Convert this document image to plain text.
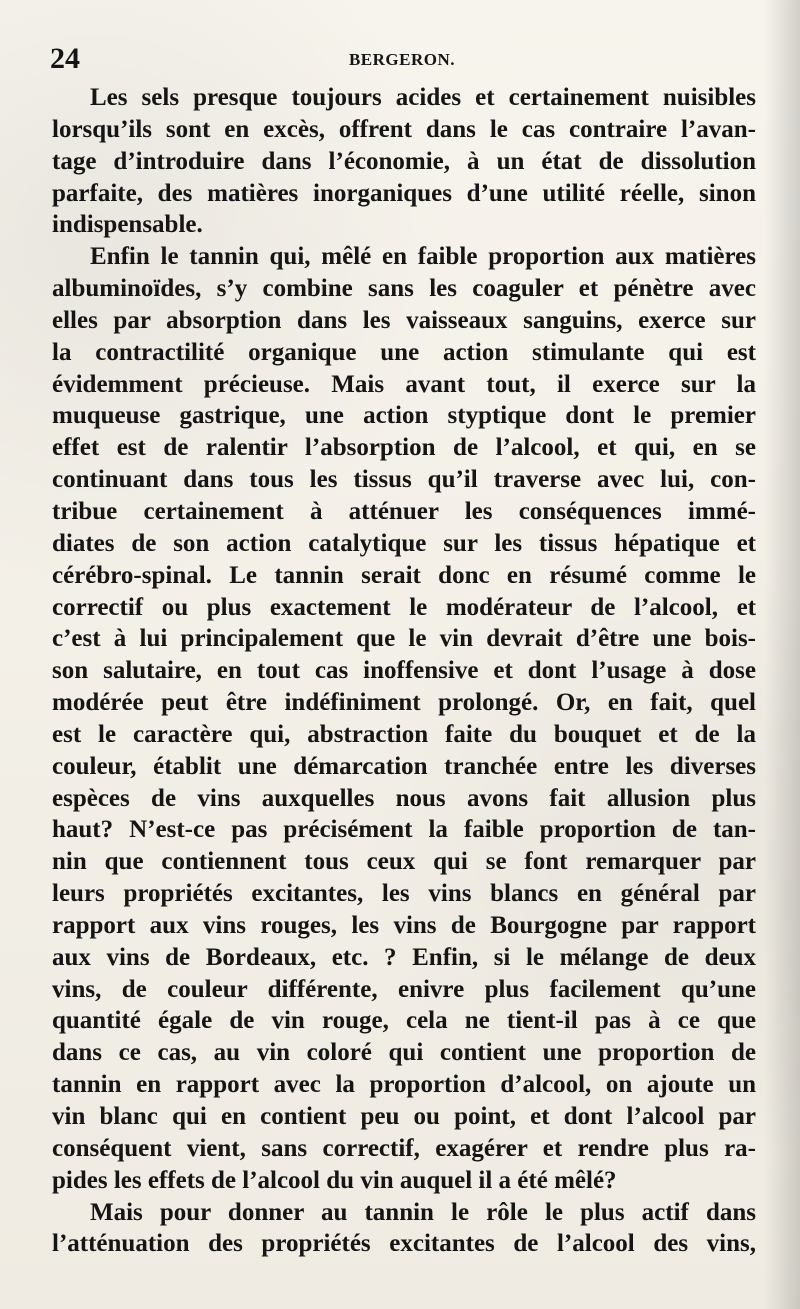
24	BERGERON.
Les sels presque toujours acides et certainement nuisibles
lorsqu’ils sont en excès, offrent dans le cas contraire l’avan-
tage d’introduire dans l’économie, à un état de dissolution
parfaite, des matières inorganiques d’une utilité réelle, sinon
indispensable.
Enfin le tannin qui, mêlé en faible proportion aux matières
albuminoïdes, s’y combine sans les coaguler et pénètre avec
elles par absorption dans les vaisseaux sanguins, exerce sur
la contractilité organique une action stimulante qui est
évidemment précieuse. Mais avant tout, il exerce sur la
muqueuse gastrique, une action styptique dont le premier
effet est de ralentir l’absorption de l’alcool, et qui, en se
continuant dans tous les tissus qu’il traverse avec lui, con-
tribue certainement à atténuer les conséquences immé-
diates de son action catalytique sur les tissus hépatique et
cérébro-spinal. Le tannin serait donc en résumé comme le
correctif ou plus exactement le modérateur de l’alcool, et
c’est à lui principalement que le vin devrait d’être une bois-
son salutaire, en tout cas inoffensive et dont l’usage à dose
modérée peut être indéfiniment prolongé. Or, en fait, quel
est le caractère qui, abstraction faite du bouquet et de la
couleur, établit une démarcation tranchée entre les diverses
espèces de vins auxquelles nous avons fait allusion plus
haut? N’est-ce pas précisément la faible proportion de tan-
nin que contiennent tous ceux qui se font remarquer par
leurs propriétés excitantes, les vins blancs en général par
rapport aux vins rouges, les vins de Bourgogne par rapport
aux vins de Bordeaux, etc. ? Enfin, si le mélange de deux
vins, de couleur différente, enivre plus facilement qu’une
quantité égale de vin rouge, cela ne tient-il pas à ce que
dans ce cas, au vin coloré qui contient une proportion de
tannin en rapport avec la proportion d’alcool, on ajoute un
vin blanc qui en contient peu ou point, et dont l’alcool par
conséquent vient, sans correctif, exagérer et rendre plus ra-
pides les effets de l’alcool du vin auquel il a été mêlé?
Mais pour donner au tannin le rôle le plus actif dans
l’atténuation des propriétés excitantes de l’alcool des vins,
